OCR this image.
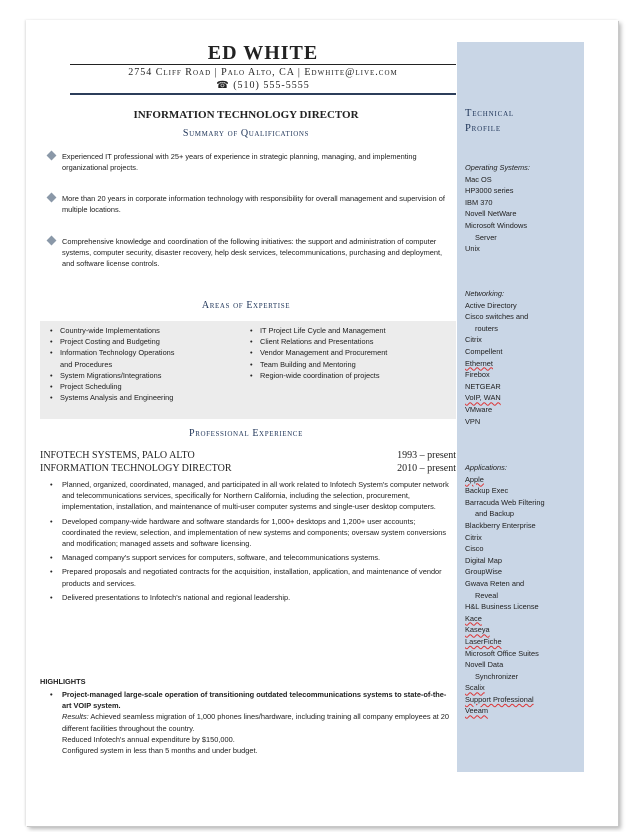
ED WHITE
2754 Cliff Road | Palo Alto, CA | Edwhite@live.com
☎ (510) 555-5555
INFORMATION TECHNOLOGY DIRECTOR
Summary of Qualifications
Experienced IT professional with 25+ years of experience in strategic planning, managing, and implementing organizational projects.
More than 20 years in corporate information technology with responsibility for overall management and supervision of multiple locations.
Comprehensive knowledge and coordination of the following initiatives: the support and administration of computer systems, computer security, disaster recovery, help desk services, telecommunications, purchasing and deployment, and software license controls.
Areas of Expertise
• Country-wide Implementations
• Project Costing and Budgeting
• Information Technology Operations
and Procedures
• System Migrations/Integrations
• Project Scheduling
• Systems Analysis and Engineering
• IT Project Life Cycle and Management
• Client Relations and Presentations
• Vendor Management and Procurement
• Team Building and Mentoring
• Region-wide coordination of projects
Professional Experience
INFOTECH SYSTEMS, PALO ALTO	1993 – present
INFORMATION TECHNOLOGY DIRECTOR	2010 – present
• Planned, organized, coordinated, managed, and participated in all work related to Infotech System's computer network and telecommunications services, specifically for Northern California, including the selection, procurement, implementation, installation, and maintenance of multi-user computer systems and single-user desktop computers.
• Developed company-wide hardware and software standards for 1,000+ desktops and 1,200+ user accounts; coordinated the review, selection, and implementation of new systems and components; oversaw system conversions and modification; managed assets and software licensing.
• Managed company's support services for computers, software, and telecommunications systems.
• Prepared proposals and negotiated contracts for the acquisition, installation, application, and maintenance of vendor products and services.
• Delivered presentations to Infotech's national and regional leadership.
HIGHLIGHTS
• Project-managed large-scale operation of transitioning outdated telecommunications systems to state-of-the-art VOIP system.
Results: Achieved seamless migration of 1,000 phones lines/hardware, including training all company employees at 20 different facilities throughout the country.
Reduced Infotech's annual expenditure by $150,000.
Configured system in less than 5 months and under budget.
Technical
Profile
Operating Systems:
Mac OS
HP3000 series
IBM 370
Novell NetWare
Microsoft Windows
Server
Unix
Networking:
Active Directory
Cisco switches and
routers
Citrix
Compellent
Ethernet
Firebox
NETGEAR
VoIP, WAN
VMware
VPN
Applications:
Apple
Backup Exec
Barracuda Web Filtering
and Backup
Blackberry Enterprise
Citrix
Cisco
Digital Map
GroupWise
Gwava Reten and
Reveal
H&L Business License
Kace
Kaseya
LaserFiche
Microsoft Office Suites
Novell Data
Synchronizer
Scalix
Support Professional
Veeam
